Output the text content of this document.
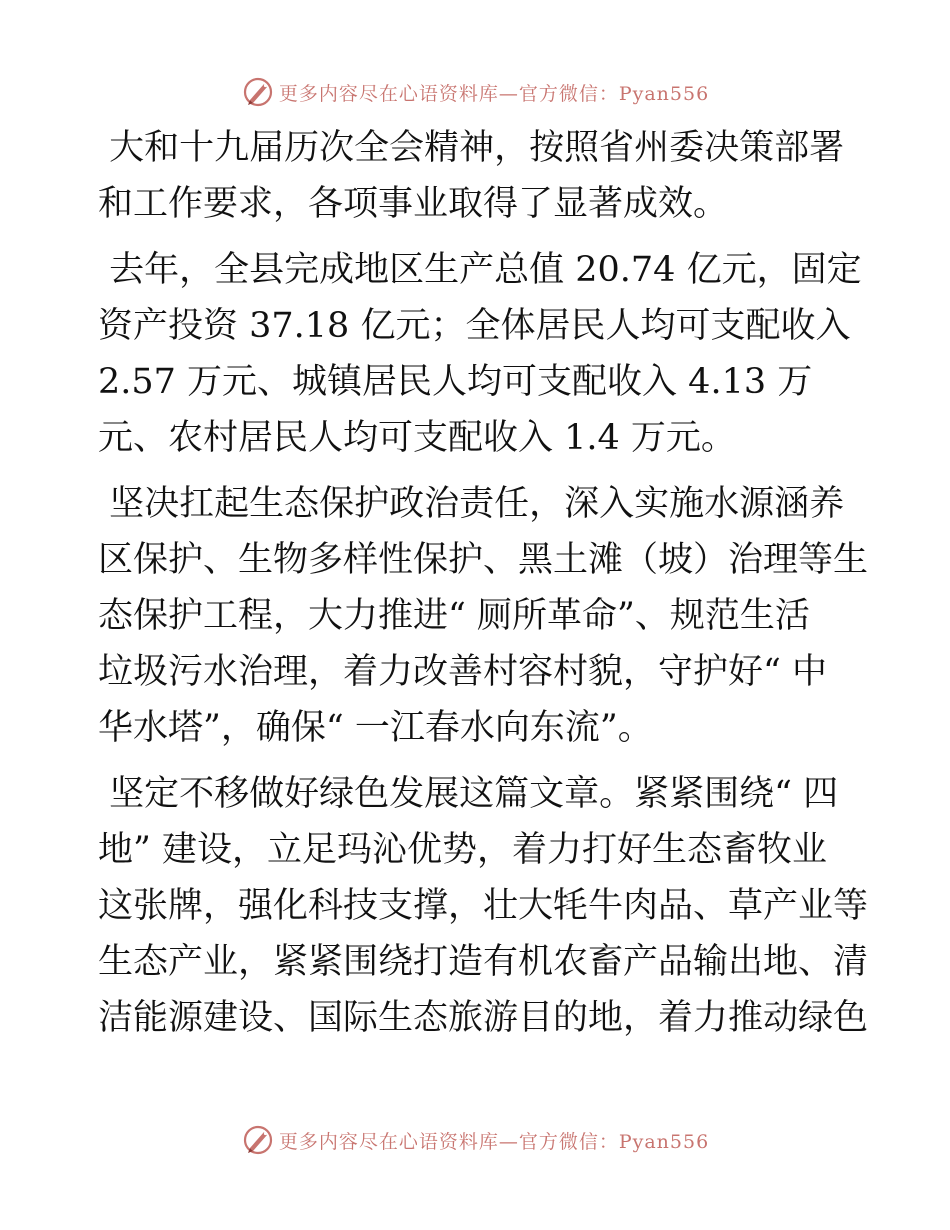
更多内容尽在心语资料库—官方微信：Pyan556
大和十九届历次全会精神，按照省州委决策部署
和工作要求，各项事业取得了显著成效。
去年，全县完成地区生产总值 20.74 亿元，固定
资产投资 37.18 亿元；全体居民人均可支配收入
2.57 万元、城镇居民人均可支配收入 4.13 万
元、农村居民人均可支配收入 1.4 万元。
坚决扛起生态保护政治责任，深入实施水源涵养
区保护、生物多样性保护、黑土滩（坡）治理等生
态保护工程，大力推进“ 厕所革命”、规范生活
垃圾污水治理，着力改善村容村貌，守护好“ 中
华水塔”，确保“ 一江春水向东流”。
坚定不移做好绿色发展这篇文章。紧紧围绕“ 四
地” 建设，立足玛沁优势，着力打好生态畜牧业
这张牌，强化科技支撑，壮大牦牛肉品、草产业等
生态产业，紧紧围绕打造有机农畜产品输出地、清
洁能源建设、国际生态旅游目的地，着力推动绿色
更多内容尽在心语资料库—官方微信：Pyan556
